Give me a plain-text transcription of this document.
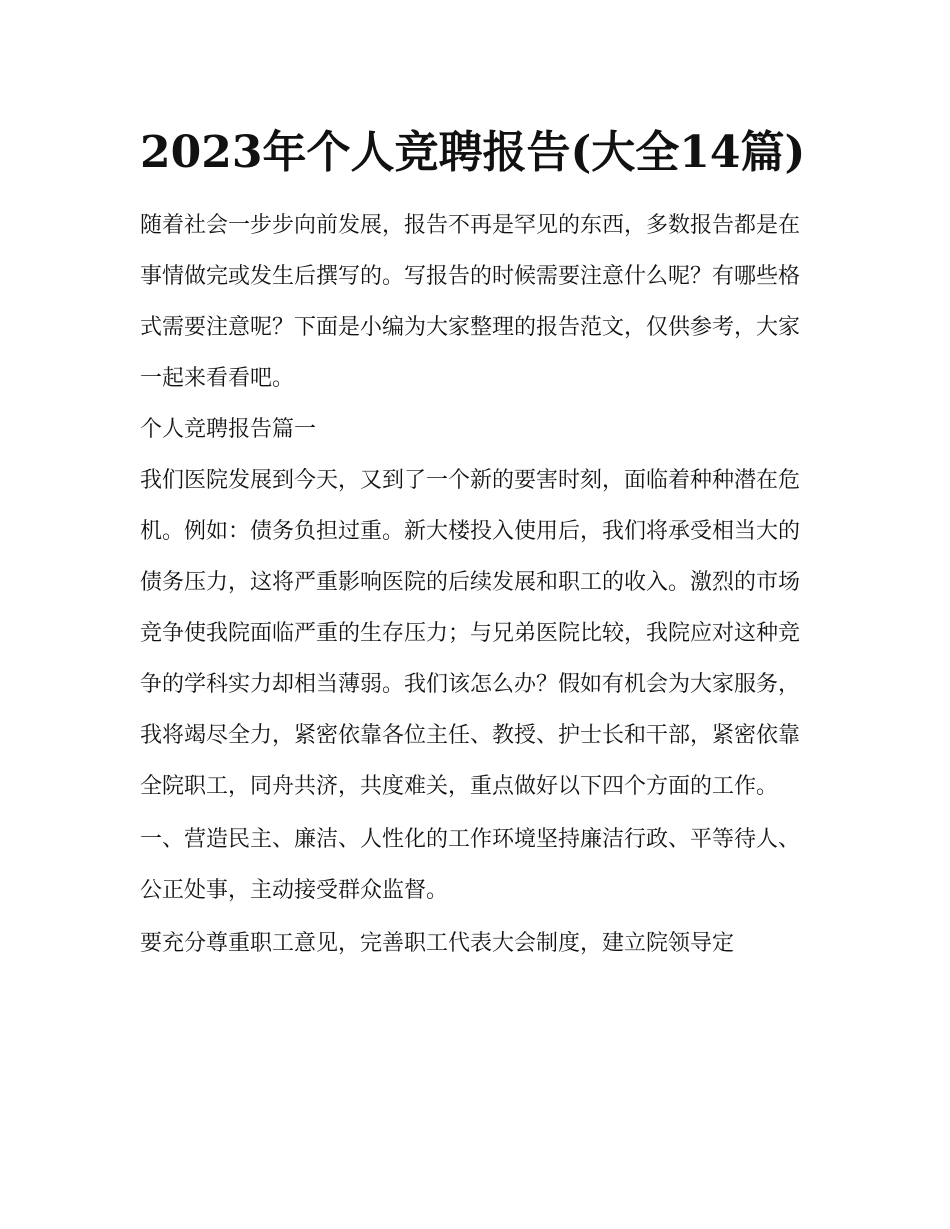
2023年个人竞聘报告(大全14篇)

随着社会一步步向前发展，报告不再是罕见的东西，多数报告都是在事情做完或发生后撰写的。写报告的时候需要注意什么呢？有哪些格式需要注意呢？下面是小编为大家整理的报告范文，仅供参考，大家一起来看看吧。

个人竞聘报告篇一

我们医院发展到今天，又到了一个新的要害时刻，面临着种种潜在危机。例如：债务负担过重。新大楼投入使用后，我们将承受相当大的债务压力，这将严重影响医院的后续发展和职工的收入。激烈的市场竞争使我院面临严重的生存压力；与兄弟医院比较，我院应对这种竞争的学科实力却相当薄弱。我们该怎么办？假如有机会为大家服务，我将竭尽全力，紧密依靠各位主任、教授、护士长和干部，紧密依靠全院职工，同舟共济，共度难关，重点做好以下四个方面的工作。

一、营造民主、廉洁、人性化的工作环境坚持廉洁行政、平等待人、公正处事，主动接受群众监督。

要充分尊重职工意见，完善职工代表大会制度，建立院领导定
